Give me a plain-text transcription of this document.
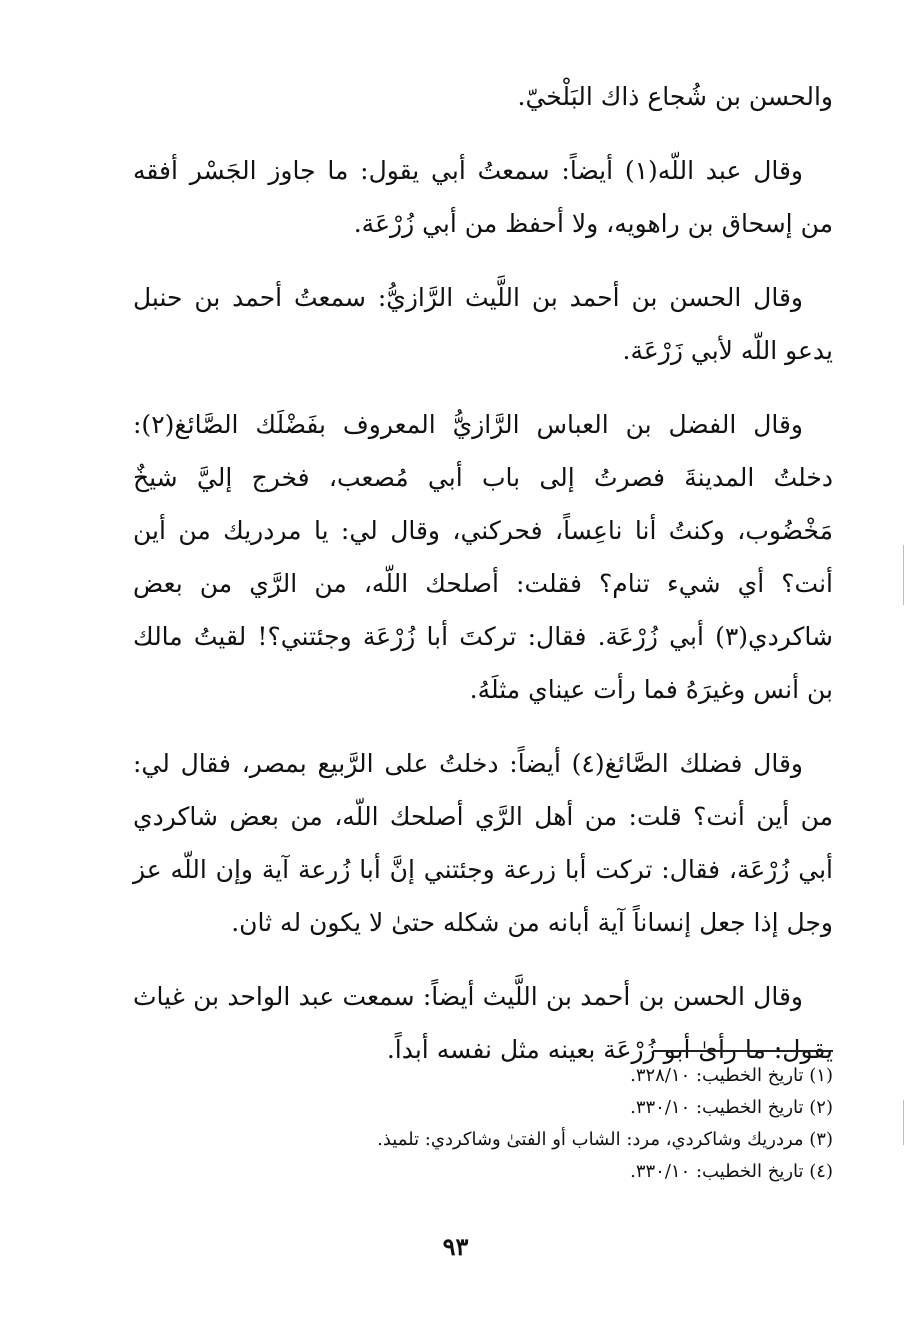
والحسن بن شُجاع ذاك البَلْخيّ.

وقال عبد اللّه(١) أيضاً: سمعتُ أبي يقول: ما جاوز الجَسْر أفقه من إسحاق بن راهويه، ولا أحفظ من أبي زُرْعَة.

وقال الحسن بن أحمد بن اللَّيث الرَّازيُّ: سمعتُ أحمد بن حنبل يدعو اللّه لأبي زَرْعَة.

وقال الفضل بن العباس الرَّازيُّ المعروف بفَضْلَك الصَّائغ(٢): دخلتُ المدينةَ فصرتُ إلى باب أبي مُصعب، فخرج إليَّ شيخٌ مَخْضُوب، وكنتُ أنا ناعِساً، فحركني، وقال لي: يا مردريك من أين أنت؟ أي شيء تنام؟ فقلت: أصلحك اللّه، من الرَّي من بعض شاكردي(٣) أبي زُرْعَة. فقال: تركتَ أبا زُرْعَة وجئتني؟! لقيتُ مالك بن أنس وغيرَهُ فما رأت عيناي مثلَهُ.

وقال فضلك الصَّائغ(٤) أيضاً: دخلتُ على الرَّبيع بمصر، فقال لي: من أين أنت؟ قلت: من أهل الرَّي أصلحك اللّه، من بعض شاكردي أبي زُرْعَة، فقال: تركت أبا زرعة وجئتني إنَّ أبا زُرعة آية وإن اللّه عز وجل إذا جعل إنساناً آية أبانه من شكله حتىٰ لا يكون له ثان.

وقال الحسن بن أحمد بن اللَّيث أيضاً: سمعت عبد الواحد بن غياث يقول: ما رأىٰ أبو زُرْعَة بعينه مثل نفسه أبداً.

(١) تاريخ الخطيب: ٣٢٨/١٠.

(٢) تاريخ الخطيب: ٣٣٠/١٠.

(٣) مردريك وشاكردي، مرد: الشاب أو الفتىٰ وشاكردي: تلميذ.

(٤) تاريخ الخطيب: ٣٣٠/١٠.

٩٣
